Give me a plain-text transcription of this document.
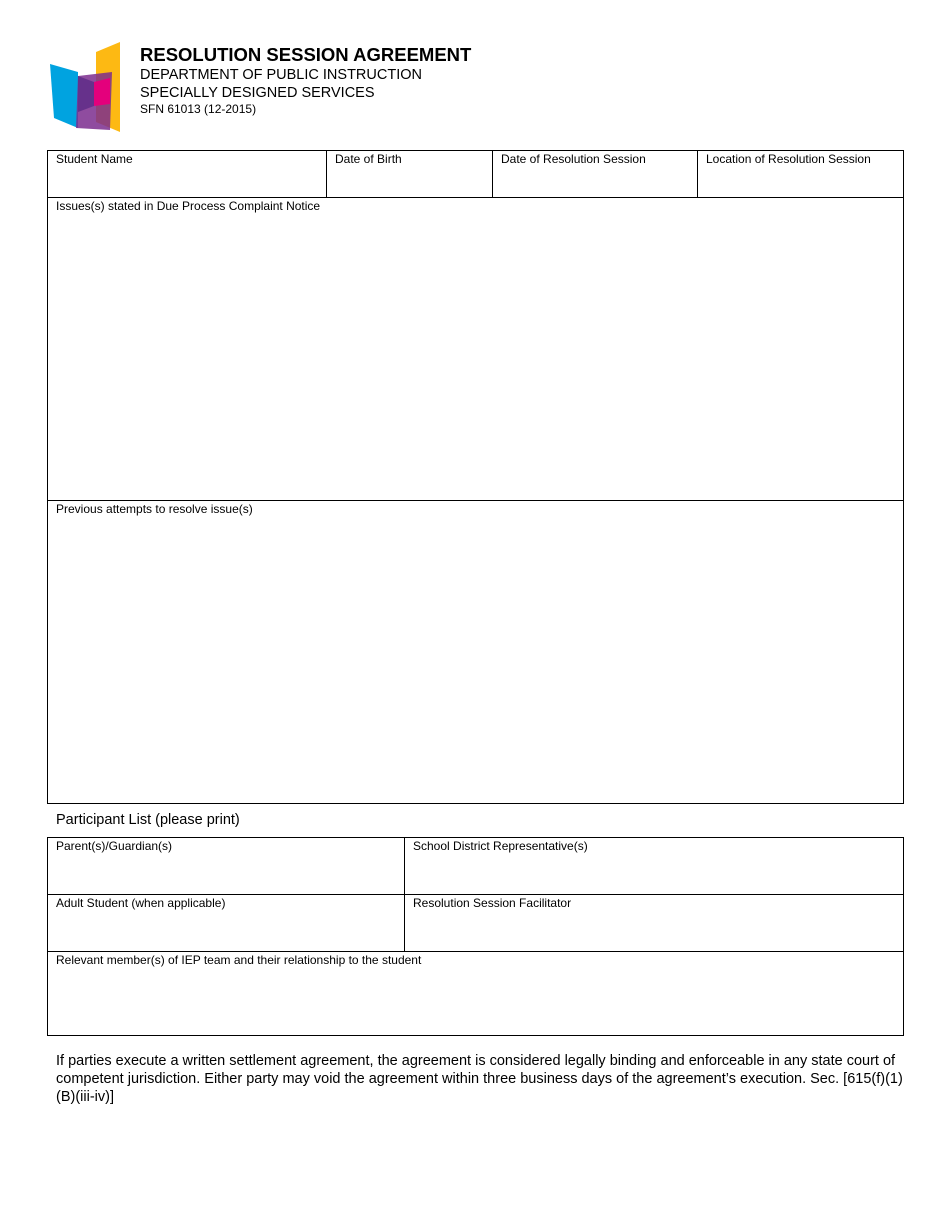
RESOLUTION SESSION AGREEMENT
DEPARTMENT OF PUBLIC INSTRUCTION
SPECIALLY DESIGNED SERVICES
SFN 61013 (12-2015)
Student Name	Date of Birth	Date of Resolution Session	Location of Resolution Session

Issues(s) stated in Due Process Complaint Notice

Previous attempts to resolve issue(s)
Participant List (please print)
Parent(s)/Guardian(s)	School District Representative(s)

Adult Student (when applicable)	Resolution Session Facilitator

Relevant member(s) of IEP team and their relationship to the student	
If parties execute a written settlement agreement, the agreement is considered legally binding and enforceable in any state court of competent jurisdiction. Either party may void the agreement within three business days of the agreement’s execution. Sec. [615(f)(1)(B)(iii-iv)]
